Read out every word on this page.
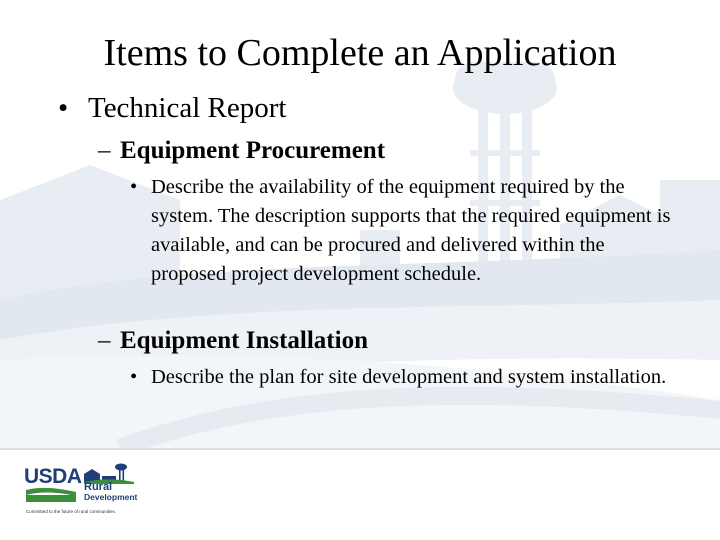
Items to Complete an Application
• Technical Report
– Equipment Procurement
• Describe the availability of the equipment required by the system. The description supports that the required equipment is available, and can be procured and delivered within the proposed project development schedule.
– Equipment Installation
• Describe the plan for site development and system installation.
USDA Rural
Development
Committed to the future of rural communities.
